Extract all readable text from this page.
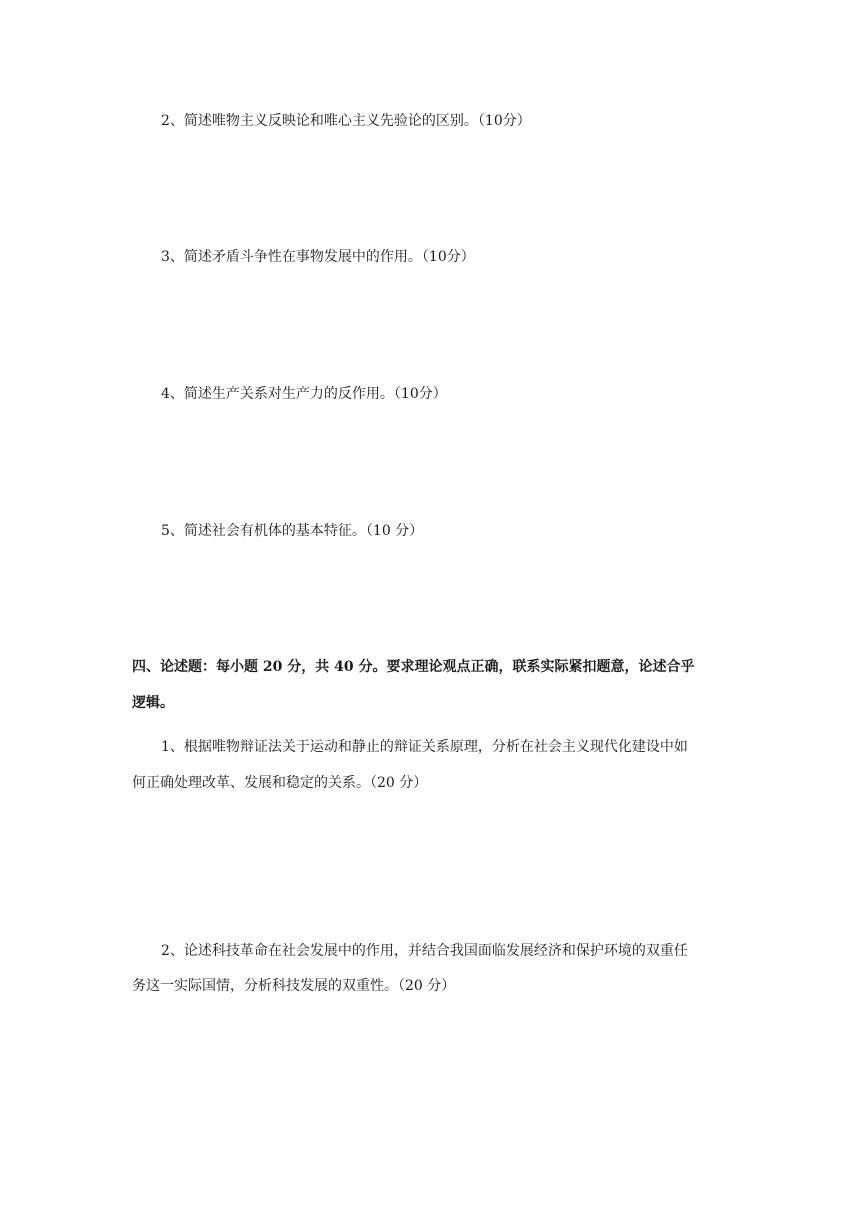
2、简述唯物主义反映论和唯心主义先验论的区别。（10分）
3、简述矛盾斗争性在事物发展中的作用。（10分）
4、简述生产关系对生产力的反作用。（10分）
5、简述社会有机体的基本特征。（10 分）
四、论述题：每小题 20 分，共 40 分。要求理论观点正确，联系实际紧扣题意，论述合乎
逻辑。
1、根据唯物辩证法关于运动和静止的辩证关系原理，分析在社会主义现代化建设中如
何正确处理改革、发展和稳定的关系。（20 分）
2、论述科技革命在社会发展中的作用，并结合我国面临发展经济和保护环境的双重任
务这一实际国情，分析科技发展的双重性。（20 分）
